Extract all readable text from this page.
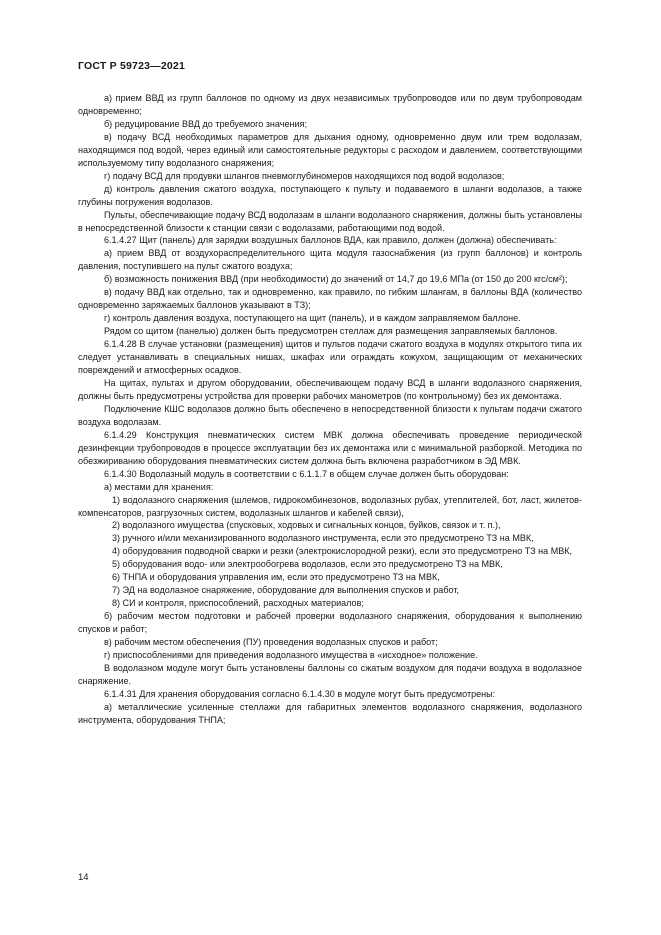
ГОСТ Р 59723—2021

а) прием ВВД из групп баллонов по одному из двух независимых трубопроводов или по двум трубопроводам одновременно;

б) редуцирование ВВД до требуемого значения;

в) подачу ВСД необходимых параметров для дыхания одному, одновременно двум или трем водолазам, находящимся под водой, через единый или самостоятельные редукторы с расходом и давлением, соответствующими используемому типу водолазного снаряжения;

г) подачу ВСД для продувки шлангов пневмоглубиномеров находящихся под водой водолазов;

д) контроль давления сжатого воздуха, поступающего к пульту и подаваемого в шланги водолазов, а также глубины погружения водолазов.

Пульты, обеспечивающие подачу ВСД водолазам в шланги водолазного снаряжения, должны быть установлены в непосредственной близости к станции связи с водолазами, работающими под водой.

6.1.4.27 Щит (панель) для зарядки воздушных баллонов ВДА, как правило, должен (должна) обеспечивать:

а) прием ВВД от воздухораспределительного щита модуля газоснабжения (из групп баллонов) и контроль давления, поступившего на пульт сжатого воздуха;

б) возможность понижения ВВД (при необходимости) до значений от 14,7 до 19,6 МПа (от 150 до 200 кгс/см²);

в) подачу ВВД как отдельно, так и одновременно, как правило, по гибким шлангам, в баллоны ВДА (количество одновременно заряжаемых баллонов указывают в ТЗ);

г) контроль давления воздуха, поступающего на щит (панель), и в каждом заправляемом баллоне.

Рядом со щитом (панелью) должен быть предусмотрен стеллаж для размещения заправляемых баллонов.

6.1.4.28 В случае установки (размещения) щитов и пультов подачи сжатого воздуха в модулях открытого типа их следует устанавливать в специальных нишах, шкафах или ограждать кожухом, защищающим от механических повреждений и атмосферных осадков.

На щитах, пультах и другом оборудовании, обеспечивающем подачу ВСД в шланги водолазного снаряжения, должны быть предусмотрены устройства для проверки рабочих манометров (по контрольному) без их демонтажа.

Подключение КШС водолазов должно быть обеспечено в непосредственной близости к пультам подачи сжатого воздуха водолазам.

6.1.4.29 Конструкция пневматических систем МВК должна обеспечивать проведение периодической дезинфекции трубопроводов в процессе эксплуатации без их демонтажа или с минимальной разборкой. Методика по обезжириванию оборудования пневматических систем должна быть включена разработчиком в ЭД МВК.

6.1.4.30 Водолазный модуль в соответствии с 6.1.1.7 в общем случае должен быть оборудован:

а) местами для хранения:

1) водолазного снаряжения (шлемов, гидрокомбинезонов, водолазных рубах, утеплителей, бот, ласт, жилетов-компенсаторов, разгрузочных систем, водолазных шлангов и кабелей связи),

2) водолазного имущества (спусковых, ходовых и сигнальных концов, буйков, связок и т. п.),

3) ручного и/или механизированного водолазного инструмента, если это предусмотрено ТЗ на МВК,

4) оборудования подводной сварки и резки (электрокислородной резки), если это предусмотрено ТЗ на МВК,

5) оборудования водо- или электрообогрева водолазов, если это предусмотрено ТЗ на МВК,

6) ТНПА и оборудования управления им, если это предусмотрено ТЗ на МВК,

7) ЭД на водолазное снаряжение, оборудование для выполнения спусков и работ,

8) СИ и контроля, приспособлений, расходных материалов;

б) рабочим местом подготовки и рабочей проверки водолазного снаряжения, оборудования к выполнению спусков и работ;

в) рабочим местом обеспечения (ПУ) проведения водолазных спусков и работ;

г) приспособлениями для приведения водолазного имущества в «исходное» положение.

В водолазном модуле могут быть установлены баллоны со сжатым воздухом для подачи воздуха в водолазное снаряжение.

6.1.4.31 Для хранения оборудования согласно 6.1.4.30 в модуле могут быть предусмотрены:

а) металлические усиленные стеллажи для габаритных элементов водолазного снаряжения, водолазного инструмента, оборудования ТНПА;

14
